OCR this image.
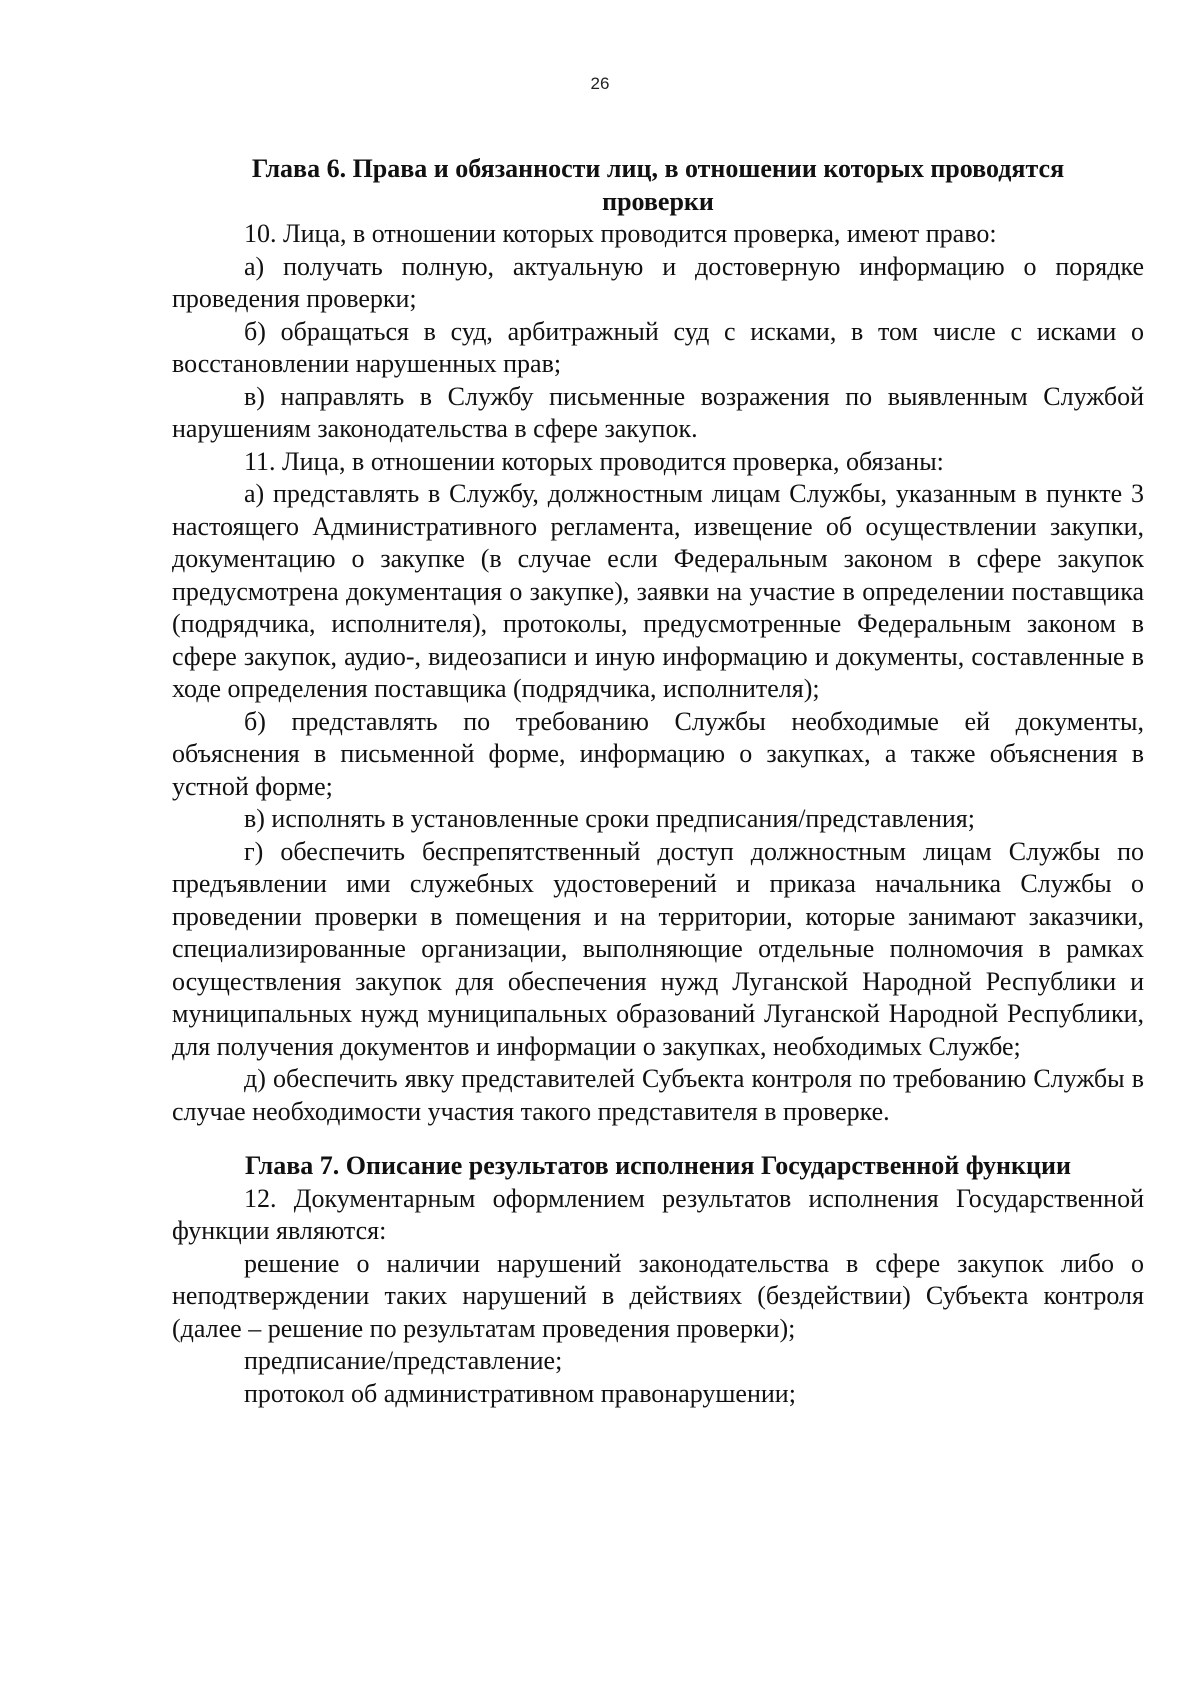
26
Глава 6. Права и обязанности лиц, в отношении которых проводятся проверки

10. Лица, в отношении которых проводится проверка, имеют право:

а) получать полную, актуальную и достоверную информацию о порядке проведения проверки;

б) обращаться в суд, арбитражный суд с исками, в том числе с исками о восстановлении нарушенных прав;

в) направлять в Службу письменные возражения по выявленным Службой нарушениям законодательства в сфере закупок.

11. Лица, в отношении которых проводится проверка, обязаны:

а) представлять в Службу, должностным лицам Службы, указанным в пункте 3 настоящего Административного регламента, извещение об осуществлении закупки, документацию о закупке (в случае если Федеральным законом в сфере закупок предусмотрена документация о закупке), заявки на участие в определении поставщика (подрядчика, исполнителя), протоколы, предусмотренные Федеральным законом в сфере закупок, аудио-, видеозаписи и иную информацию и документы, составленные в ходе определения поставщика (подрядчика, исполнителя);

б) представлять по требованию Службы необходимые ей документы, объяснения в письменной форме, информацию о закупках, а также объяснения в устной форме;

в) исполнять в установленные сроки предписания/представления;

г) обеспечить беспрепятственный доступ должностным лицам Службы по предъявлении ими служебных удостоверений и приказа начальника Службы о проведении проверки в помещения и на территории, которые занимают заказчики, специализированные организации, выполняющие отдельные полномочия в рамках осуществления закупок для обеспечения нужд Луганской Народной Республики и муниципальных нужд муниципальных образований Луганской Народной Республики, для получения документов и информации о закупках, необходимых Службе;

д) обеспечить явку представителей Субъекта контроля по требованию Службы в случае необходимости участия такого представителя в проверке.

Глава 7. Описание результатов исполнения Государственной функции

12. Документарным оформлением результатов исполнения Государственной функции являются:

решение о наличии нарушений законодательства в сфере закупок либо о неподтверждении таких нарушений в действиях (бездействии) Субъекта контроля (далее – решение по результатам проведения проверки);

предписание/представление;

протокол об административном правонарушении;
